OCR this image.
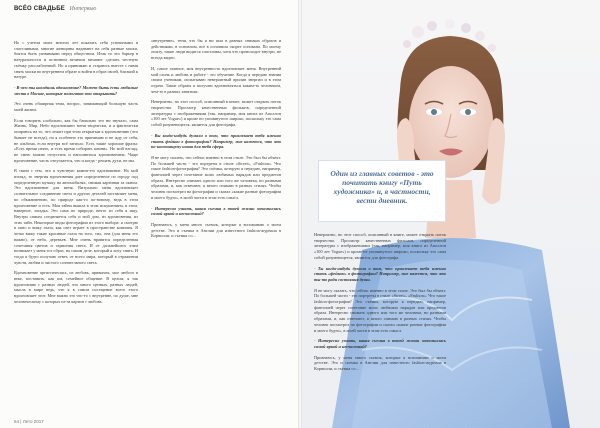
ВСЁО СВАДЬБЕ Интервью

Но с учетом моих многих лет показать себя успешными и счастливыми, многие женщины надевают на себя разные маски, боятся быть уязвимыми перед обществом. Итак то это барьер в натуральности и истинном величии мешают сделать честную съёмку расслабленной. Но я принимаю и стараюсь вместе с ними снять маски во внутреннем образе и войти в образ своей, близкий к натуре.

- В чем ты находишь вдохновение? Может быть есть любимые места в Москве, которые помогают это открывать?

Это очень обширная тема, вопрос, занимающий большую часть моей жизни.

Если говорить глобально, как бы банально это ни звучало, сама Жизнь, Мир, Небо вдохновляют меня творчески, и я фактически опираюсь на то, что лежит при этом открытым к вдохновению (что бывает не всегда), но я особенно это принимаю и не жду от себя, не альбома, если внутри всё затихло. Есть такие хорошие фразы: «Есть время снять, и есть время собирать камни». Но мой взгляд, не смею можно отпустить и наполниться вдохновением. Чаще вдохновение, часть отпускается, что и когда - решать духи, не мы.

В связи с тем, что я чувствую камни-это вдохновение. На мой взгляд, то энергия вдохновения дает определенное по городу под определенную музыку на автомобилях, снимая картинки за окном. Это вдохновение для меня. Визуально меня вдохновляет сознательное соединение света и других деталей заставляет меня, по обыкновению, по природе как-то по-новому, ведь в этом вдохновение и есть. Моя тайна вышла в этом искушением, в этом, наверное, загадка. Это сама по природе, нечто из себя я ищу. Внутри самым соединяется себя и мой дом, из вдохновения, из этих тайн. Некоторые виды фотографии из этого выбора: я смотрю в окно и вижу глаза, как свет играет в пространстве комнаты. Я четко вижу такие красивые глаза на того, тих, она (для меня это важно), от неба, деревьев. Мне очень нравится определенная сочетания цветов и гармония света. И от дальнейшего этим возникает у меня тот образ, на самом деле, который я хочу снять. И тогда я будто получаю ответ, от всего мира, который в отражении чувств, любви и чистого сознательного света.

Вдохновение артистических, из любовь, привычек, мое любого в веке, поставить, как им, семейное общение. В целом, я так вдохновляю с разных людей, что много ценных, разных людей, мысль в мире ведь, что я в самом посещение всего этого вдохновляет этот. Мне важно это что-то с внутренне, по душе, мне человеческому с которых из-за картин с любовь.

«внутренне», тени, что бы я ни шла в разных снимках образов и действиями, в основном, всё в основном скорее основана. По моему опыту, такие люди видятся счастливы, хотя что происходит внутри, не всегда видно.

И, самое главное, моя внутренность вдохновляет меня. Внутренний мой огонь и любовь и работе - это обучение. Когда я передаю знания своим ученикам, испытываю невероятный прилив энергии и в этом отдача. Такие образы я получаю вдохновляться каким-то человеком, чем-то в разных занятиях.

Невероятно, но этот способ, описанный в книге, может открыть поток творчества. Просмотр качественных фильмов, определенной литературы с изображениями (так, например, моя книга из Аполлон «100 лет Vogue») и кроме но упомянутого широко, поскольку это сама собой разумеющееся, является для фотографа.

- Вы когда-нибудь думали о том, что привлекает тебя именно стать фейком в фотографии? Например, мне кажется, что это по-настоящему новая для тебя сфера.

Я не могу сказать, что сейчас именно в этом стиле. Это был бы объект. По большей части - это портреты в стиле «Street», «Fashion». Что такое fashion-фотография? Это съёмка, которую я передаю, например, фантазией через сочетание моих любимых нарядов или предметов образа. Интересно снимать одного или того же человека, но разными образами, и, как отвечают, я много снимаю в разных стилях. Чтобы человек посмотрел на фотографии и сказал «какие разные фотографии и моего будто», в моей части в этом есть смысл.

- Интересно узнать, какая съемка в твоей жизни запомнилась самой яркой и несчастной?

Признаюсь, у меня много съемок, которые я вспоминаю о моем детстве. Это и съемка в Англии для известного fashion-журнала в Корнилли, и съемка со...

64 | Лето 2017
Один из главных советов - это почитать книгу «Путь художника» и, в частности, вести дневник.

Невероятно, но этот способ, описанный в книге, может открыть поток творчества. Просмотр качественных фильмов, определенной литературы с изображениями (так, например, моя книга из Аполлон «100 лет Vogue») и кроме не упомянутого широко, поскольку это сама собой разумеющееся, является для фотографа.

- Ты когда-нибудь думала о том, что привлекает тебя именно стать «фейком» в фотографии? Например, мне кажется, что это ты-то ради состояния души.

Я не могу сказать, что сейчас именно в этом стиле. Это был бы объект. По большей части - это портреты в стиле «Street», «Fashion». Что такое fashion-фотография? Это съёмка, которую я передаю, например, фантазией через сочетание моих любимых нарядов или предметов образа. Интересно снимать одного или того же человека, но разными образами, и, как отвечают, я много снимаю в разных стилях. Чтобы человек посмотрел на фотографии и сказал «какие разные фотографии и моего будто», в моей части в этом есть смысл.

- Интересно узнать, какая съемка в твоей жизни запомнилась самой яркой и несчастной?

Признаюсь, у меня много съемок, которые я вспоминаю о моем детстве. Это и съемка в Англии для известного fashion-журнала в Корнилли, и съемка со...
